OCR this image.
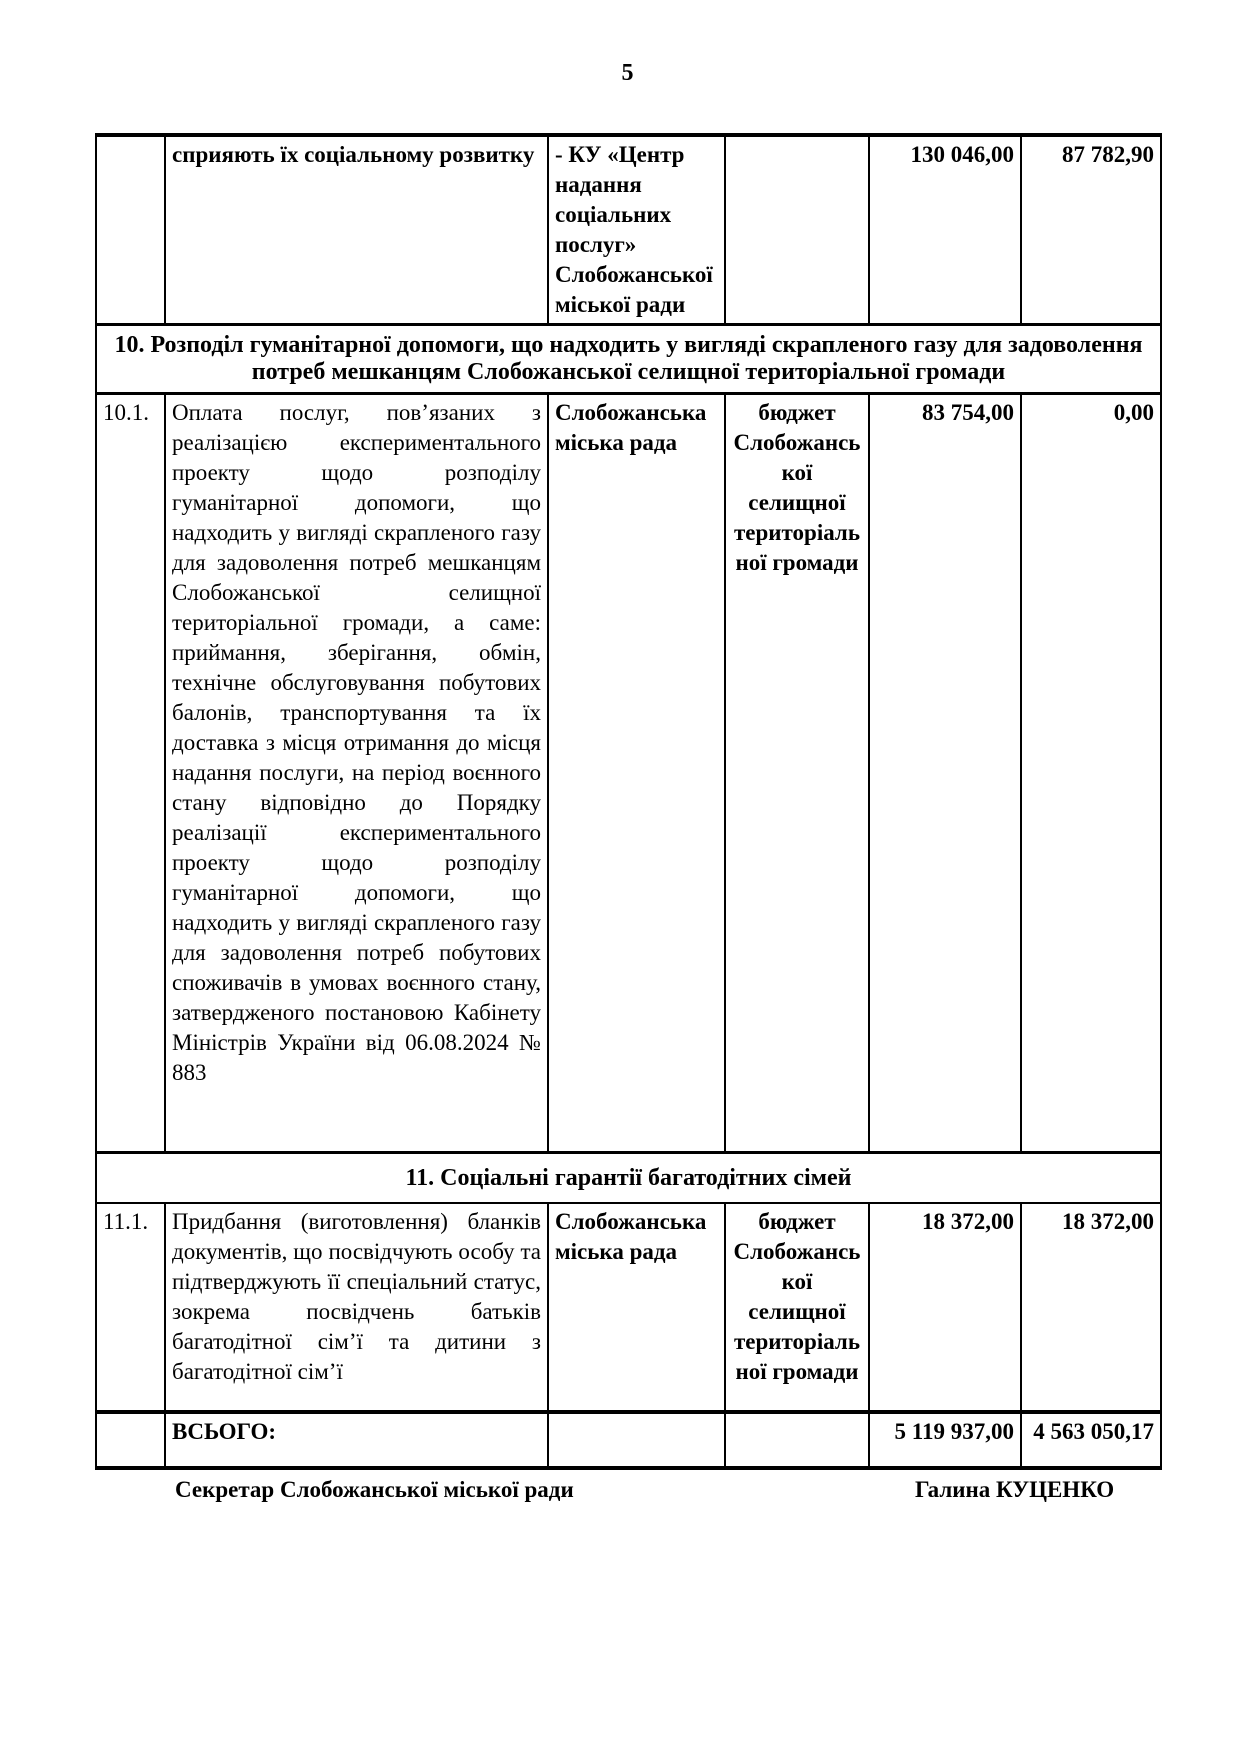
5
	сприяють їх соціальному розвитку	- КУ «Центр
надання
соціальних
послуг»
Слобожанської
міської ради		130 046,00	87 782,90
10. Розподіл гуманітарної допомоги, що надходить у вигляді скрапленого газу для задоволення потреб мешканцям Слобожанської селищної територіальної громади					
10.1.	Оплата послуг, пов’язаних з реалізацією експериментального проекту щодо розподілу гуманітарної допомоги, що надходить у вигляді скрапленого газу для задоволення потреб мешканцям Слобожанської селищної територіальної громади, а саме: приймання, зберігання, обмін, технічне обслуговування побутових балонів, транспортування та їх доставка з місця отримання до місця надання послуги, на період воєнного стану відповідно до Порядку реалізації експериментального проекту щодо розподілу гуманітарної допомоги, що надходить у вигляді скрапленого газу для задоволення потреб побутових споживачів в умовах воєнного стану, затвердженого постановою Кабінету Міністрів України від 06.08.2024 № 883	Слобожанська
міська рада	бюджет
Слобожансь
кої
селищної
територіаль
ної громади	83 754,00	0,00
11. Соціальні гарантії багатодітних сімей					
11.1.	Придбання (виготовлення) бланків документів, що посвідчують особу та підтверджують її спеціальний статус, зокрема посвідчень батьків багатодітної сім’ї та дитини з багатодітної сім’ї	Слобожанська
міська рада	бюджет
Слобожансь
кої
селищної
територіаль
ної громади	18 372,00	18 372,00
	ВСЬОГО:			5 119 937,00	4 563 050,17
Секретар Слобожанської міської ради	Галина КУЦЕНКО
